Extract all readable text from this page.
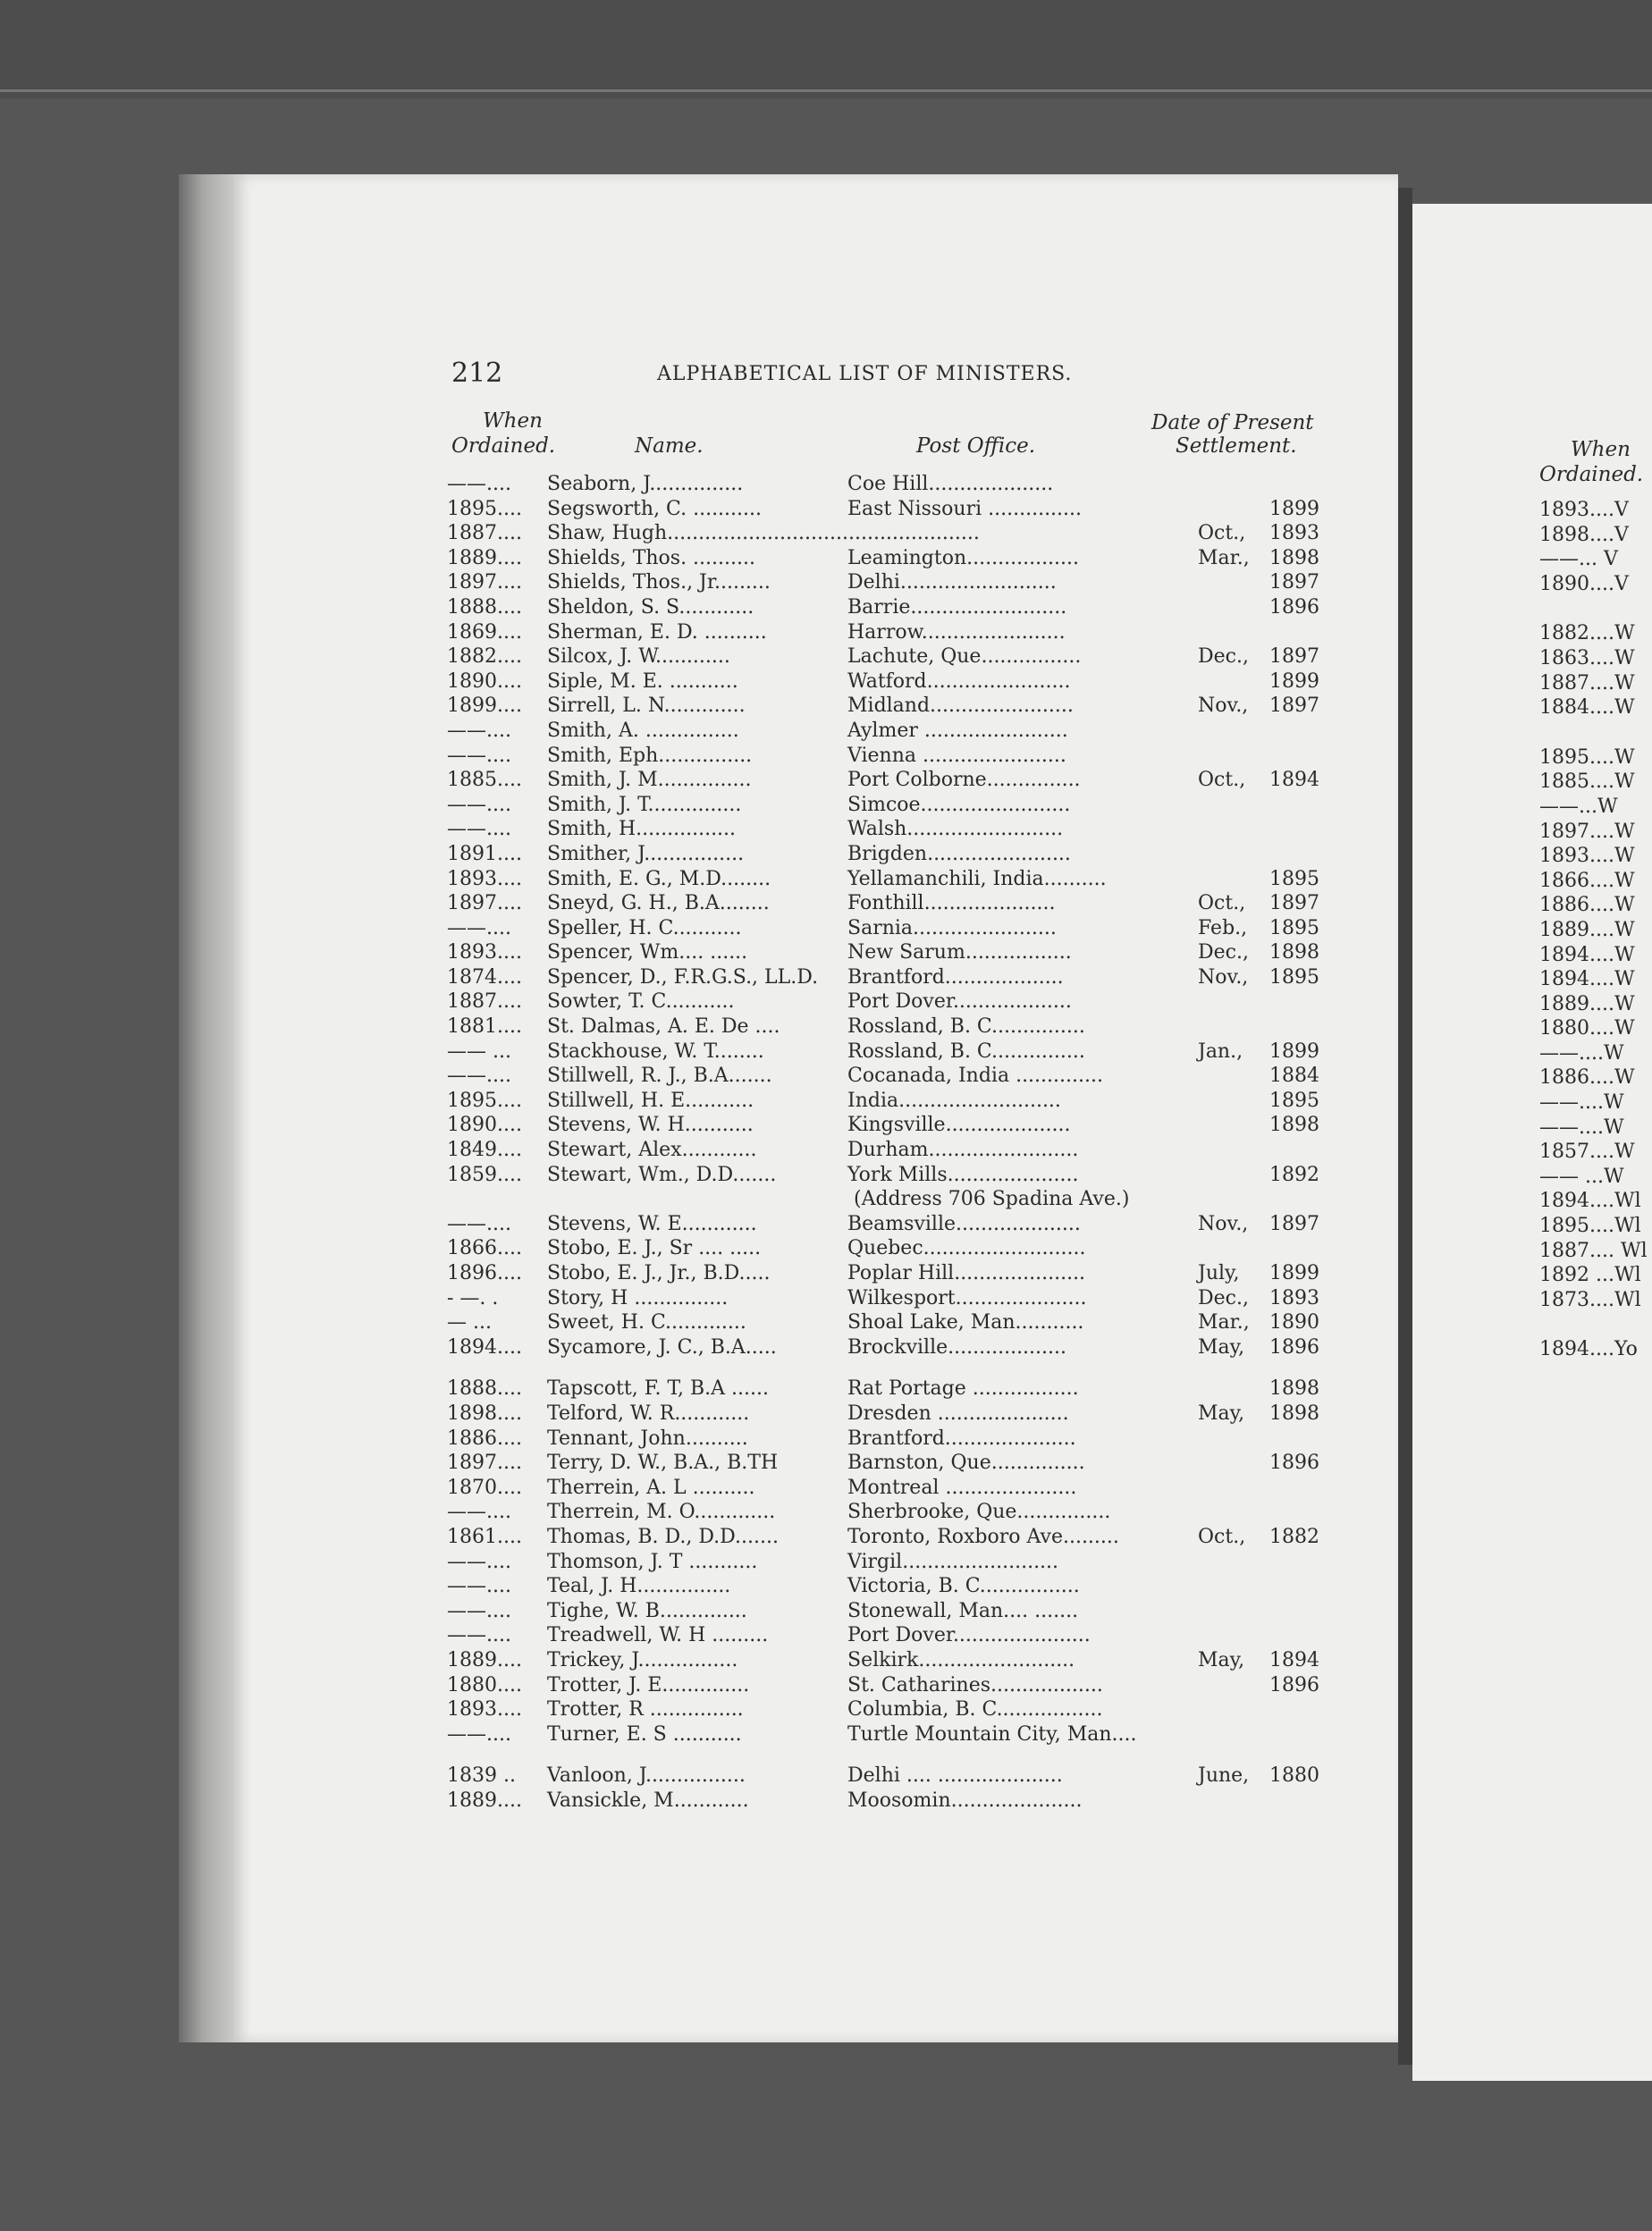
212	ALPHABETICAL LIST OF MINISTERS.
When
Ordained.	Name.	Post Office.
Date of Present
Settlement.
——.... Seaborn, J...............	Coe Hill....................
1895.... Segsworth, C. ...........	East Nissouri ...............	1899
1887.... Shaw, Hugh..................................................	Oct., 1893
1889.... Shields, Thos. ..........	Leamington..................	Mar., 1898
1897.... Shields, Thos., Jr.........	Delhi.........................	1897
1888.... Sheldon, S. S............	Barrie.........................	1896
1869.... Sherman, E. D. ..........	Harrow.......................
1882.... Silcox, J. W............	Lachute, Que................	Dec., 1897
1890.... Siple, M. E. ...........	Watford.......................	1899
1899.... Sirrell, L. N.............	Midland.......................	Nov., 1897
——.... Smith, A. ...............	Aylmer .......................
——.... Smith, Eph...............	Vienna .......................
1885.... Smith, J. M...............	Port Colborne...............	Oct., 1894
——.... Smith, J. T...............	Simcoe........................
——.... Smith, H................	Walsh.........................
1891.... Smither, J................	Brigden.......................
1893.... Smith, E. G., M.D........	Yellamanchili, India..........	1895
1897.... Sneyd, G. H., B.A........	Fonthill.....................	Oct., 1897
——.... Speller, H. C...........	Sarnia.......................	Feb., 1895
1893.... Spencer, Wm.... ......	New Sarum.................	Dec., 1898
1874.... Spencer, D., F.R.G.S., LL.D. Brantford...................	Nov., 1895
1887.... Sowter, T. C...........	Port Dover...................
1881.... St. Dalmas, A. E. De ....	Rossland, B. C...............
—— ... Stackhouse, W. T........	Rossland, B. C...............	Jan., 1899
——.... Stillwell, R. J., B.A.......	Cocanada, India ..............	1884
1895.... Stillwell, H. E...........	India..........................	1895
1890.... Stevens, W. H...........	Kingsville....................	1898
1849.... Stewart, Alex............	Durham........................
1859.... Stewart, Wm., D.D.......	York Mills.....................	1892
(Address 706 Spadina Ave.)
——.... Stevens, W. E............	Beamsville....................	Nov., 1897
1866.... Stobo, E. J., Sr .... .....	Quebec..........................
1896.... Stobo, E. J., Jr., B.D.....	Poplar Hill.....................	July, 1899
- —. . Story, H ...............	Wilkesport.....................	Dec., 1893
— ...	Sweet, H. C.............	Shoal Lake, Man...........	Mar., 1890
1894.... Sycamore, J. C., B.A.....	Brockville...................	May, 1896
1888.... Tapscott, F. T, B.A ......	Rat Portage .................	1898
1898.... Telford, W. R............	Dresden .....................	May, 1898
1886.... Tennant, John..........	Brantford.....................
1897.... Terry, D. W., B.A., B.TH	Barnston, Que...............	1896
1870.... Therrein, A. L ..........	Montreal .....................
——.... Therrein, M. O.............	Sherbrooke, Que...............
1861.... Thomas, B. D., D.D.......	Toronto, Roxboro Ave.........	Oct., 1882
——.... Thomson, J. T ...........	Virgil.........................
——.... Teal, J. H...............	Victoria, B. C................
——.... Tighe, W. B..............	Stonewall, Man.... .......
——.... Treadwell, W. H .........	Port Dover......................
1889.... Trickey, J................	Selkirk.........................	May, 1894
1880.... Trotter, J. E..............	St. Catharines..................	1896
1893.... Trotter, R ...............	Columbia, B. C.................
——.... Turner, E. S ...........	Turtle Mountain City, Man....
1839 .. Vanloon, J................	Delhi .... ....................	June, 1880
1889.... Vansickle, M............	Moosomin.....................
When
Ordained.
1893....V
1898....V
——... V
1890....V
1882....W
1863....W
1887....W
1884....W
1895....W
1885....W
——...W
1897....W
1893....W
1866....W
1886....W
1889....W
1894....W
1894....W
1889....W
1880....W
——....W
1886....W
——....W
——....W
1857....W
—— ...W
1894....Wl
1895....Wl
1887.... Wl
1892 ...Wl
1873....Wl
1894....Yo
